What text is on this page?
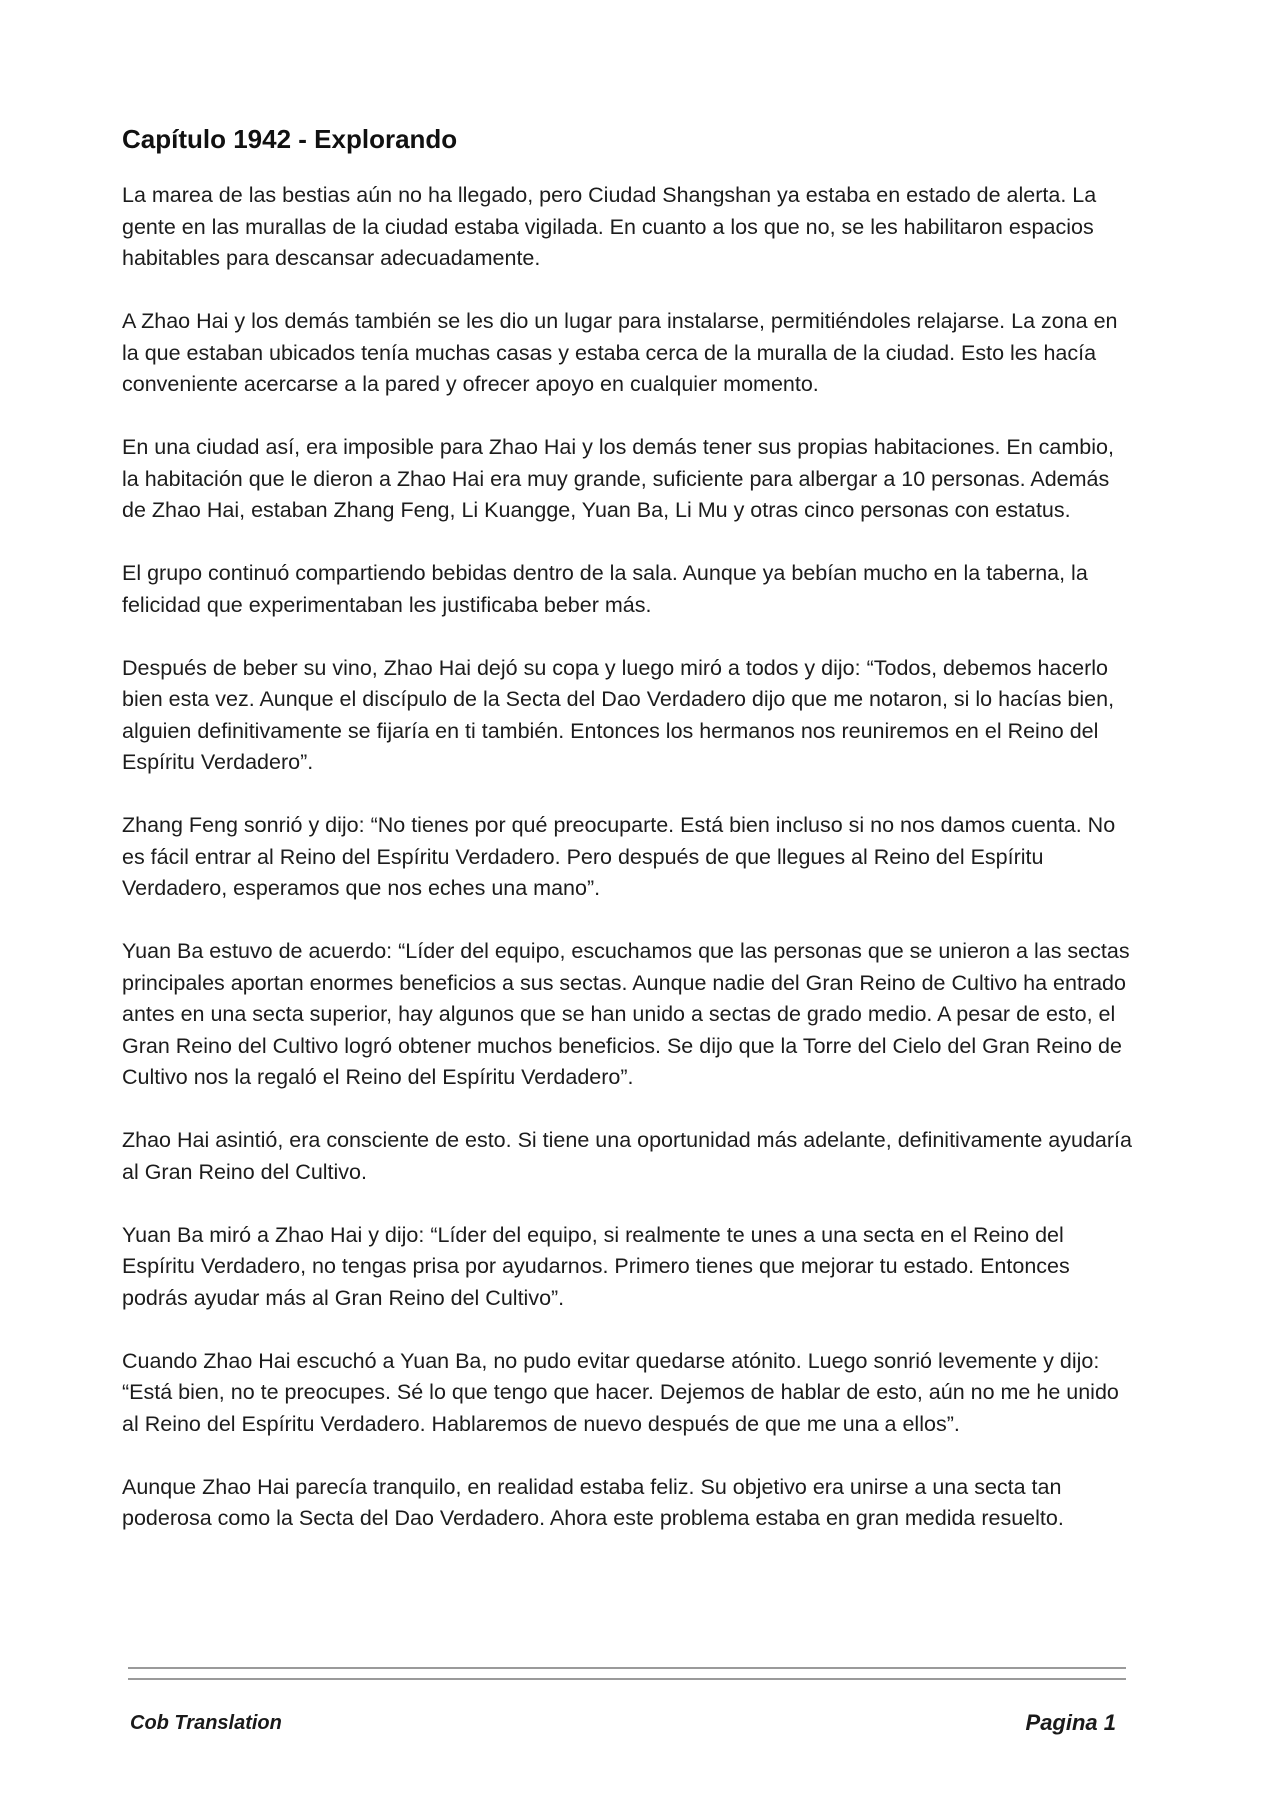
Capítulo 1942 - Explorando

La marea de las bestias aún no ha llegado, pero Ciudad Shangshan ya estaba en estado de alerta. La gente en las murallas de la ciudad estaba vigilada. En cuanto a los que no, se les habilitaron espacios habitables para descansar adecuadamente.

A Zhao Hai y los demás también se les dio un lugar para instalarse, permitiéndoles relajarse. La zona en la que estaban ubicados tenía muchas casas y estaba cerca de la muralla de la ciudad. Esto les hacía conveniente acercarse a la pared y ofrecer apoyo en cualquier momento.

En una ciudad así, era imposible para Zhao Hai y los demás tener sus propias habitaciones. En cambio, la habitación que le dieron a Zhao Hai era muy grande, suficiente para albergar a 10 personas. Además de Zhao Hai, estaban Zhang Feng, Li Kuangge, Yuan Ba, Li Mu y otras cinco personas con estatus.

El grupo continuó compartiendo bebidas dentro de la sala. Aunque ya bebían mucho en la taberna, la felicidad que experimentaban les justificaba beber más.

Después de beber su vino, Zhao Hai dejó su copa y luego miró a todos y dijo: “Todos, debemos hacerlo bien esta vez. Aunque el discípulo de la Secta del Dao Verdadero dijo que me notaron, si lo hacías bien, alguien definitivamente se fijaría en ti también. Entonces los hermanos nos reuniremos en el Reino del Espíritu Verdadero”.

Zhang Feng sonrió y dijo: “No tienes por qué preocuparte. Está bien incluso si no nos damos cuenta. No es fácil entrar al Reino del Espíritu Verdadero. Pero después de que llegues al Reino del Espíritu Verdadero, esperamos que nos eches una mano”.

Yuan Ba estuvo de acuerdo: “Líder del equipo, escuchamos que las personas que se unieron a las sectas principales aportan enormes beneficios a sus sectas. Aunque nadie del Gran Reino de Cultivo ha entrado antes en una secta superior, hay algunos que se han unido a sectas de grado medio. A pesar de esto, el Gran Reino del Cultivo logró obtener muchos beneficios. Se dijo que la Torre del Cielo del Gran Reino de Cultivo nos la regaló el Reino del Espíritu Verdadero”.

Zhao Hai asintió, era consciente de esto. Si tiene una oportunidad más adelante, definitivamente ayudaría al Gran Reino del Cultivo.

Yuan Ba miró a Zhao Hai y dijo: “Líder del equipo, si realmente te unes a una secta en el Reino del Espíritu Verdadero, no tengas prisa por ayudarnos. Primero tienes que mejorar tu estado. Entonces podrás ayudar más al Gran Reino del Cultivo”.

Cuando Zhao Hai escuchó a Yuan Ba, no pudo evitar quedarse atónito. Luego sonrió levemente y dijo: “Está bien, no te preocupes. Sé lo que tengo que hacer. Dejemos de hablar de esto, aún no me he unido al Reino del Espíritu Verdadero. Hablaremos de nuevo después de que me una a ellos”.

Aunque Zhao Hai parecía tranquilo, en realidad estaba feliz. Su objetivo era unirse a una secta tan poderosa como la Secta del Dao Verdadero. Ahora este problema estaba en gran medida resuelto.

Cob Translation	Pagina 1
